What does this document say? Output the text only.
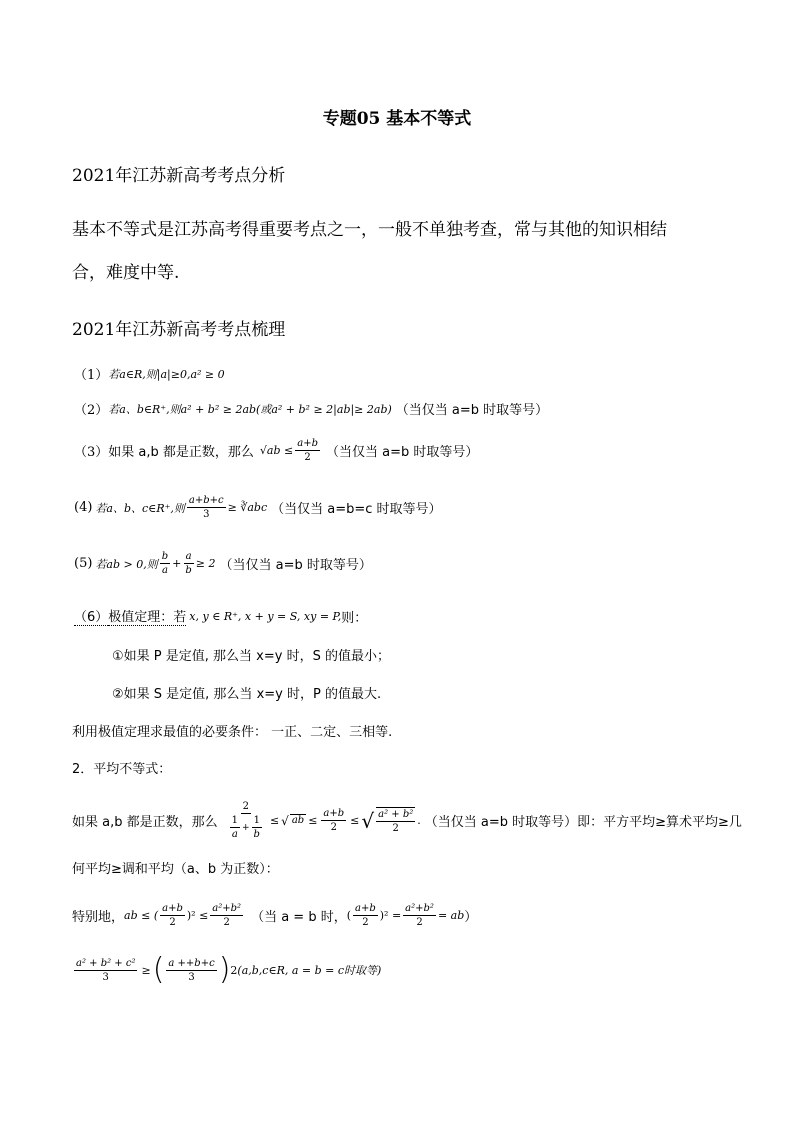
专题05 基本不等式
2021年江苏新高考考点分析
基本不等式是江苏高考得重要考点之一，一般不单独考查，常与其他的知识相结
合，难度中等.
2021年江苏新高考考点梳理
（1） 若a∈R,则|a|≥0,a² ≥ 0
（2） 若a、b∈R⁺,则a² + b² ≥ 2ab(或a² + b² ≥ 2|ab|≥ 2ab) （当仅当 a=b 时取等号）
（3） 如果 a,b 都是正数，那么 $√ab \le \frac{a+b}{2}$ （当仅当 a=b 时取等号）
(4) 若a、b、c∈R⁺,则 $\frac{a+b+c}{3}$ ≥ ∛abc （当仅当 a=b=c 时取等号）
(5) 若ab > 0,则 $\frac{b}{a} + \frac{a}{b} \ge 2$ （当仅当 a=b 时取等号）
（6） 极值定理：若 x, y ∈ R⁺, x + y = S, xy = P, 则：
①如果 P 是定值, 那么当 x=y 时，S 的值最小；
②如果 S 是定值, 那么当 x=y 时，P 的值最大.
利用极值定理求最值的必要条件： 一正、二定、三相等.
2．平均不等式：
如果 a,b 都是正数，那么 $\frac{2}{\frac{1}{a} + \frac{1}{b}}$ ≤ √ ab ≤ $\frac{a+b}{2}$ ≤ √ $\frac{\text{a² + b²}}{2}$ . （当仅当 a=b 时取等号）即：平方平均≥算术平均≥几
何平均≥调和平均（a、b 为正数）：
特别地， ab ≤ ( $\frac{a+b}{2} )^2 \le \frac{\text{a²+b²}}{2}$ （当 a = b 时， ( $\frac{a+b}{2} )^2 = \frac{\text{a²+b²}}{2}$ = ab ）
$\frac{\text{a² + b² + c²}}{3}$ ≥ ( $\frac{a ++b+c}{3}$ ) 2 (a,b,c∈R, a = b = c时取等)
